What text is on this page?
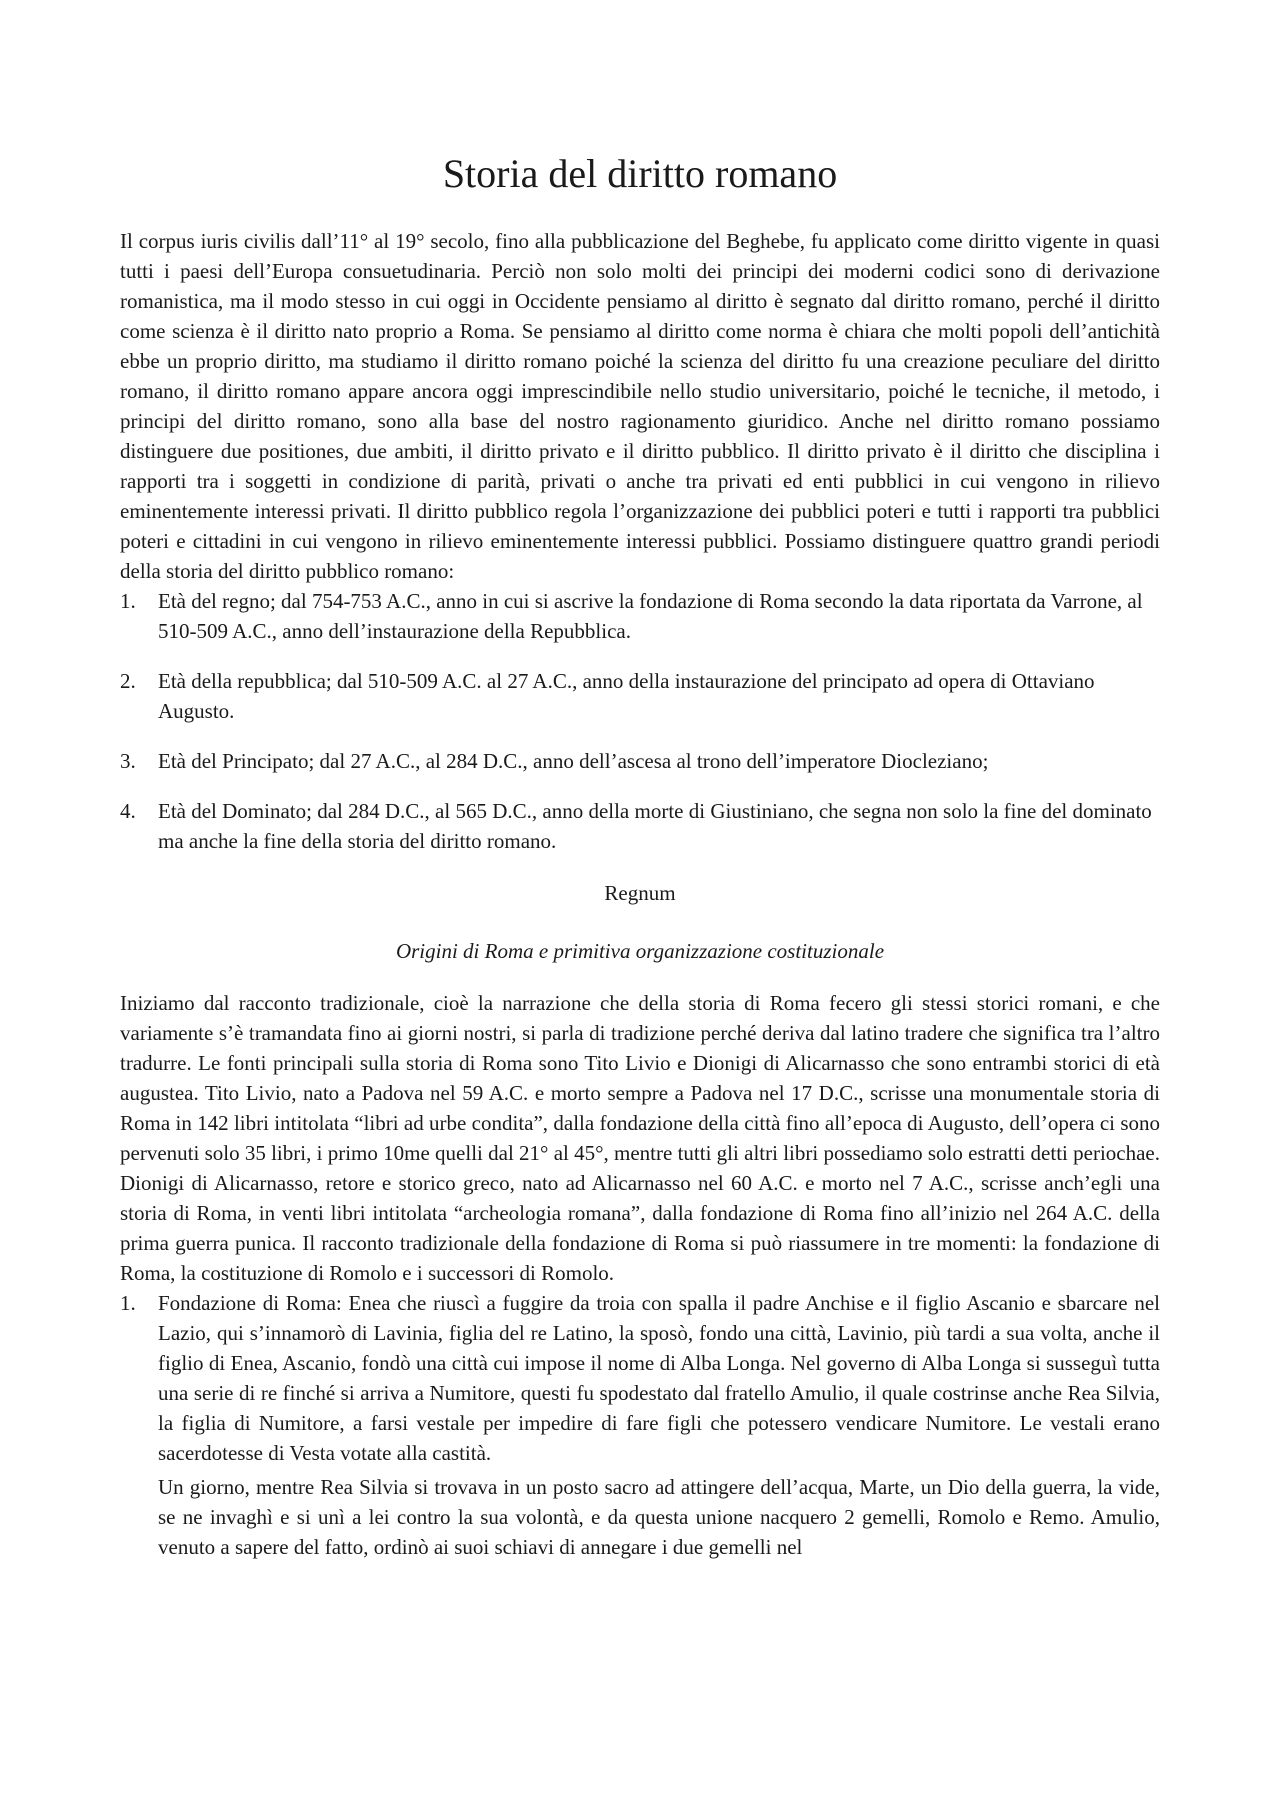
Storia del diritto romano

Il corpus iuris civilis dall’11° al 19° secolo, fino alla pubblicazione del Beghebe, fu applicato come diritto vigente in quasi tutti i paesi dell’Europa consuetudinaria. Perciò non solo molti dei principi dei moderni codici sono di derivazione romanistica, ma il modo stesso in cui oggi in Occidente pensiamo al diritto è segnato dal diritto romano, perché il diritto come scienza è il diritto nato proprio a Roma. Se pensiamo al diritto come norma è chiara che molti popoli dell’antichità ebbe un proprio diritto, ma studiamo il diritto romano poiché la scienza del diritto fu una creazione peculiare del diritto romano, il diritto romano appare ancora oggi imprescindibile nello studio universitario, poiché le tecniche, il metodo, i principi del diritto romano, sono alla base del nostro ragionamento giuridico. Anche nel diritto romano possiamo distinguere due positiones, due ambiti, il diritto privato e il diritto pubblico. Il diritto privato è il diritto che disciplina i rapporti tra i soggetti in condizione di parità, privati o anche tra privati ed enti pubblici in cui vengono in rilievo eminentemente interessi privati. Il diritto pubblico regola l’organizzazione dei pubblici poteri e tutti i rapporti tra pubblici poteri e cittadini in cui vengono in rilievo eminentemente interessi pubblici. Possiamo distinguere quattro grandi periodi della storia del diritto pubblico romano:

1.	Età del regno; dal 754-753 A.C., anno in cui si ascrive la fondazione di Roma secondo la data riportata da Varrone, al 510-509 A.C., anno dell’instaurazione della Repubblica.
2.	Età della repubblica; dal 510-509 A.C. al 27 A.C., anno della instaurazione del principato ad opera di Ottaviano Augusto.
3.	Età del Principato; dal 27 A.C., al 284 D.C., anno dell’ascesa al trono dell’imperatore Diocleziano;
4.	Età del Dominato; dal 284 D.C., al 565 D.C., anno della morte di Giustiniano, che segna non solo la fine del dominato ma anche la fine della storia del diritto romano.
Regnum
Origini di Roma e primitiva organizzazione costituzionale

Iniziamo dal racconto tradizionale, cioè la narrazione che della storia di Roma fecero gli stessi storici romani, e che variamente s’è tramandata fino ai giorni nostri, si parla di tradizione perché deriva dal latino tradere che significa tra l’altro tradurre. Le fonti principali sulla storia di Roma sono Tito Livio e Dionigi di Alicarnasso che sono entrambi storici di età augustea. Tito Livio, nato a Padova nel 59 A.C. e morto sempre a Padova nel 17 D.C., scrisse una monumentale storia di Roma in 142 libri intitolata “libri ad urbe condita”, dalla fondazione della città fino all’epoca di Augusto, dell’opera ci sono pervenuti solo 35 libri, i primo 10me quelli dal 21° al 45°, mentre tutti gli altri libri possediamo solo estratti detti periochae. Dionigi di Alicarnasso, retore e storico greco, nato ad Alicarnasso nel 60 A.C. e morto nel 7 A.C., scrisse anch’egli una storia di Roma, in venti libri intitolata “archeologia romana”, dalla fondazione di Roma fino all’inizio nel 264 A.C. della prima guerra punica. Il racconto tradizionale della fondazione di Roma si può riassumere in tre momenti: la fondazione di Roma, la costituzione di Romolo e i successori di Romolo.

1.	Fondazione di Roma: Enea che riuscì a fuggire da troia con spalla il padre Anchise e il figlio Ascanio e sbarcare nel Lazio, qui s’innamorò di Lavinia, figlia del re Latino, la sposò, fondo una città, Lavinio, più tardi a sua volta, anche il figlio di Enea, Ascanio, fondò una città cui impose il nome di Alba Longa. Nel governo di Alba Longa si susseguì tutta una serie di re finché si arriva a Numitore, questi fu spodestato dal fratello Amulio, il quale costrinse anche Rea Silvia, la figlia di Numitore, a farsi vestale per impedire di fare figli che potessero vendicare Numitore. Le vestali erano sacerdotesse di Vesta votate alla castità.

Un giorno, mentre Rea Silvia si trovava in un posto sacro ad attingere dell’acqua, Marte, un Dio della guerra, la vide, se ne invaghì e si unì a lei contro la sua volontà, e da questa unione nacquero 2 gemelli, Romolo e Remo. Amulio, venuto a sapere del fatto, ordinò ai suoi schiavi di annegare i due gemelli nel
